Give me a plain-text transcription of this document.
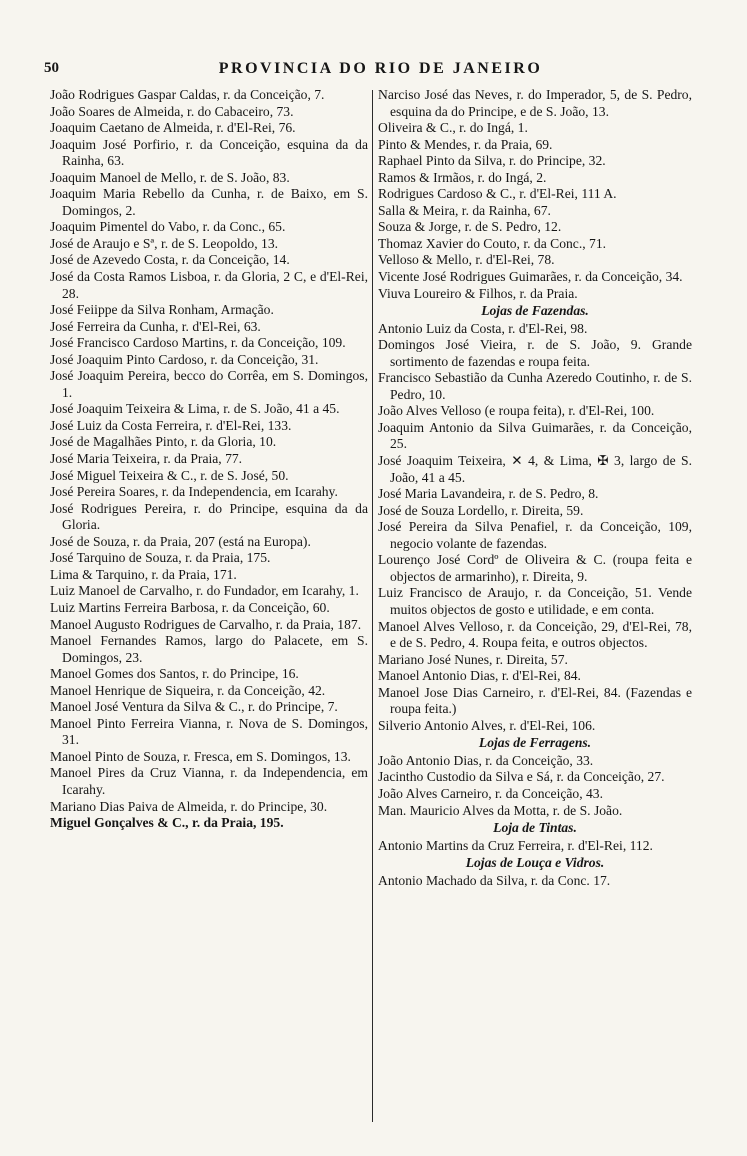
50	PROVINCIA DO RIO DE JANEIRO

João Rodrigues Gaspar Caldas, r. da Conceição, 7.

João Soares de Almeida, r. do Cabaceiro, 73.

Joaquim Caetano de Almeida, r. d'El-Rei, 76.

Joaquim José Porfirio, r. da Conceição, esquina da da Rainha, 63.

Joaquim Manoel de Mello, r. de S. João, 83.

Joaquim Maria Rebello da Cunha, r. de Baixo, em S. Domingos, 2.

Joaquim Pimentel do Vabo, r. da Conc., 65.

José de Araujo e Sª, r. de S. Leopoldo, 13.

José de Azevedo Costa, r. da Conceição, 14.

José da Costa Ramos Lisboa, r. da Gloria, 2 C, e d'El-Rei, 28.

José Feiippe da Silva Ronham, Armação.

José Ferreira da Cunha, r. d'El-Rei, 63.

José Francisco Cardoso Martins, r. da Conceição, 109.

José Joaquim Pinto Cardoso, r. da Conceição, 31.

José Joaquim Pereira, becco do Corrêa, em S. Domingos, 1.

José Joaquim Teixeira & Lima, r. de S. João, 41 a 45.

José Luiz da Costa Ferreira, r. d'El-Rei, 133.

José de Magalhães Pinto, r. da Gloria, 10.

José Maria Teixeira, r. da Praia, 77.

José Miguel Teixeira & C., r. de S. José, 50.

José Pereira Soares, r. da Independencia, em Icarahy.

José Rodrigues Pereira, r. do Principe, esquina da da Gloria.

José de Souza, r. da Praia, 207 (está na Europa).

José Tarquino de Souza, r. da Praia, 175.

Lima & Tarquino, r. da Praia, 171.

Luiz Manoel de Carvalho, r. do Fundador, em Icarahy, 1.

Luiz Martins Ferreira Barbosa, r. da Conceição, 60.

Manoel Augusto Rodrigues de Carvalho, r. da Praia, 187.

Manoel Fernandes Ramos, largo do Palacete, em S. Domingos, 23.

Manoel Gomes dos Santos, r. do Principe, 16.

Manoel Henrique de Siqueira, r. da Conceição, 42.

Manoel José Ventura da Silva & C., r. do Principe, 7.

Manoel Pinto Ferreira Vianna, r. Nova de S. Domingos, 31.

Manoel Pinto de Souza, r. Fresca, em S. Domingos, 13.

Manoel Pires da Cruz Vianna, r. da Independencia, em Icarahy.

Mariano Dias Paiva de Almeida, r. do Principe, 30.

Miguel Gonçalves & C., r. da Praia, 195.

Narciso José das Neves, r. do Imperador, 5, de S. Pedro, esquina da do Principe, e de S. João, 13.

Oliveira & C., r. do Ingá, 1.

Pinto & Mendes, r. da Praia, 69.

Raphael Pinto da Silva, r. do Principe, 32.

Ramos & Irmãos, r. do Ingá, 2.

Rodrigues Cardoso & C., r. d'El-Rei, 111 A.

Salla & Meira, r. da Rainha, 67.

Souza & Jorge, r. de S. Pedro, 12.

Thomaz Xavier do Couto, r. da Conc., 71.

Velloso & Mello, r. d'El-Rei, 78.

Vicente José Rodrigues Guimarães, r. da Conceição, 34.

Viuva Loureiro & Filhos, r. da Praia.

Lojas de Fazendas.

Antonio Luiz da Costa, r. d'El-Rei, 98.

Domingos José Vieira, r. de S. João, 9. Grande sortimento de fazendas e roupa feita.

Francisco Sebastião da Cunha Azeredo Coutinho, r. de S. Pedro, 10.

João Alves Velloso (e roupa feita), r. d'El-Rei, 100.

Joaquim Antonio da Silva Guimarães, r. da Conceição, 25.

José Joaquim Teixeira, ✕ 4, & Lima, ✠ 3, largo de S. João, 41 a 45.

José Maria Lavandeira, r. de S. Pedro, 8.

José de Souza Lordello, r. Direita, 59.

José Pereira da Silva Penafiel, r. da Conceição, 109, negocio volante de fazendas.

Lourenço José Cordº de Oliveira & C. (roupa feita e objectos de armarinho), r. Direita, 9.

Luiz Francisco de Araujo, r. da Conceição, 51. Vende muitos objectos de gosto e utilidade, e em conta.

Manoel Alves Velloso, r. da Conceição, 29, d'El-Rei, 78, e de S. Pedro, 4. Roupa feita, e outros objectos.

Mariano José Nunes, r. Direita, 57.

Manoel Antonio Dias, r. d'El-Rei, 84.

Manoel Jose Dias Carneiro, r. d'El-Rei, 84. (Fazendas e roupa feita.)

Silverio Antonio Alves, r. d'El-Rei, 106.

Lojas de Ferragens.

João Antonio Dias, r. da Conceição, 33.

Jacintho Custodio da Silva e Sá, r. da Conceição, 27.

João Alves Carneiro, r. da Conceição, 43.

Man. Mauricio Alves da Motta, r. de S. João.

Loja de Tintas.

Antonio Martins da Cruz Ferreira, r. d'El-Rei, 112.

Lojas de Louça e Vidros.

Antonio Machado da Silva, r. da Conc. 17.
